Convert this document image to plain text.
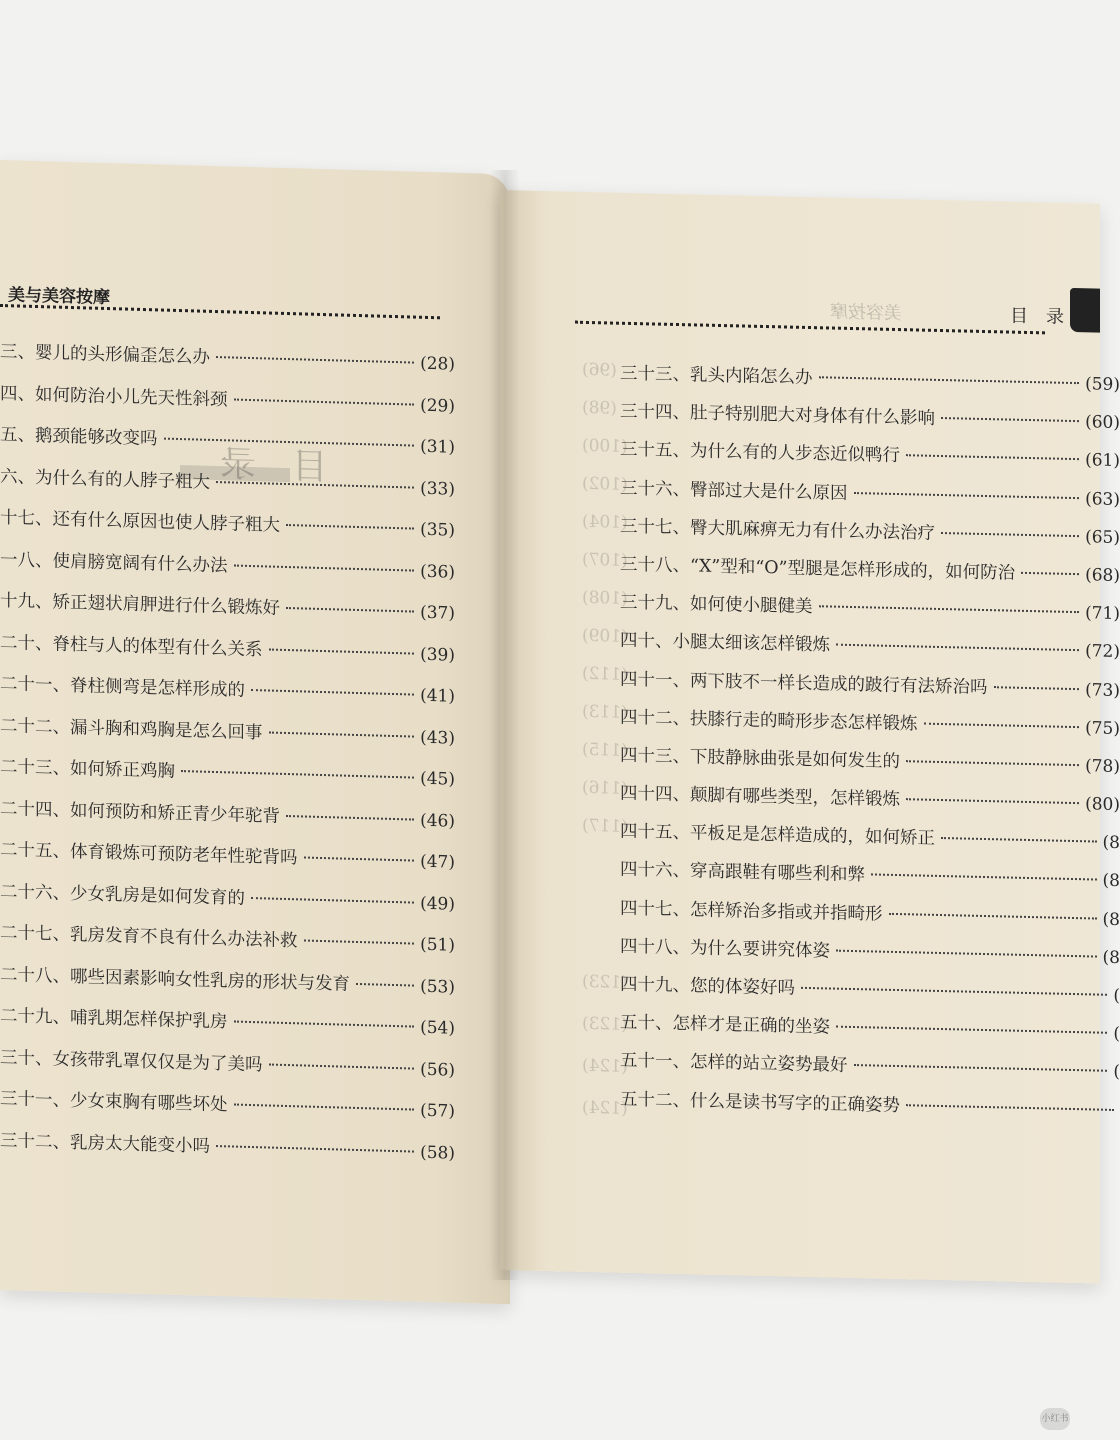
美与美容按摩
目　录
三、婴儿的头形偏歪怎么办	(28)
四、如何防治小儿先天性斜颈	(29)
五、鹅颈能够改变吗	(31)
六、为什么有的人脖子粗大	(33)
十七、还有什么原因也使人脖子粗大	(35)
一八、使肩膀宽阔有什么办法	(36)
十九、矫正翅状肩胛进行什么锻炼好	(37)
二十、脊柱与人的体型有什么关系	(39)
二十一、脊柱侧弯是怎样形成的	(41)
二十二、漏斗胸和鸡胸是怎么回事	(43)
二十三、如何矫正鸡胸	(45)
二十四、如何预防和矫正青少年驼背	(46)
二十五、体育锻炼可预防老年性驼背吗	(47)
二十六、少女乳房是如何发育的	(49)
二十七、乳房发育不良有什么办法补救	(51)
二十八、哪些因素影响女性乳房的形状与发育	(53)
二十九、哺乳期怎样保护乳房	(54)
三十、女孩带乳罩仅仅是为了美吗	(56)
三十一、少女束胸有哪些坏处	(57)
三十二、乳房太大能变小吗	(58)
美容按摩	目　录
(96)
(98)
(100)
(102)
(104)
(107)
(108)
(109)
(112)
(113)
(115)
(116)
(117)
(123)
(123)
(124)
(124)
三十三、乳头内陷怎么办	(59)
三十四、肚子特别肥大对身体有什么影响	(60)
三十五、为什么有的人步态近似鸭行	(61)
三十六、臀部过大是什么原因	(63)
三十七、臀大肌麻痹无力有什么办法治疗	(65)
三十八、“X”型和“O”型腿是怎样形成的，如何防治	(68)
三十九、如何使小腿健美	(71)
四十、小腿太细该怎样锻炼	(72)
四十一、两下肢不一样长造成的跛行有法矫治吗	(73)
四十二、扶膝行走的畸形步态怎样锻炼	(75)
四十三、下肢静脉曲张是如何发生的	(78)
四十四、颠脚有哪些类型，怎样锻炼	(80)
四十五、平板足是怎样造成的，如何矫正	(8
四十六、穿高跟鞋有哪些利和弊	(8
四十七、怎样矫治多指或并指畸形	(8
四十八、为什么要讲究体姿	(8
四十九、您的体姿好吗	(
五十、怎样才是正确的坐姿	(
五十一、怎样的站立姿势最好	(
五十二、什么是读书写字的正确姿势
小红书
